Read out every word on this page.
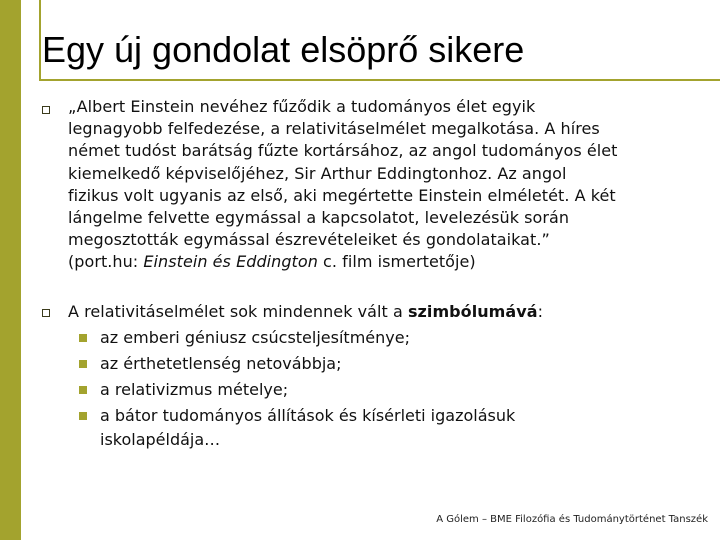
Egy új gondolat elsöprő sikere
„Albert Einstein nevéhez fűződik a tudományos élet egyik
legnagyobb felfedezése, a relativitáselmélet megalkotása. A híres
német tudóst barátság fűzte kortársához, az angol tudományos élet
kiemelkedő képviselőjéhez, Sir Arthur Eddingtonhoz. Az angol
fizikus volt ugyanis az első, aki megértette Einstein elméletét. A két
lángelme felvette egymással a kapcsolatot, levelezésük során
megosztották egymással észrevételeiket és gondolataikat.”
(port.hu: Einstein és Eddington c. film ismertetője)
A relativitáselmélet sok mindennek vált a szimbólumává:
az emberi géniusz csúcsteljesítménye;
az érthetetlenség netovábbja;
a relativizmus mételye;
a bátor tudományos állítások és kísérleti igazolásuk
iskolapéldája…
A Gólem – BME Filozófia és Tudománytörténet Tanszék
